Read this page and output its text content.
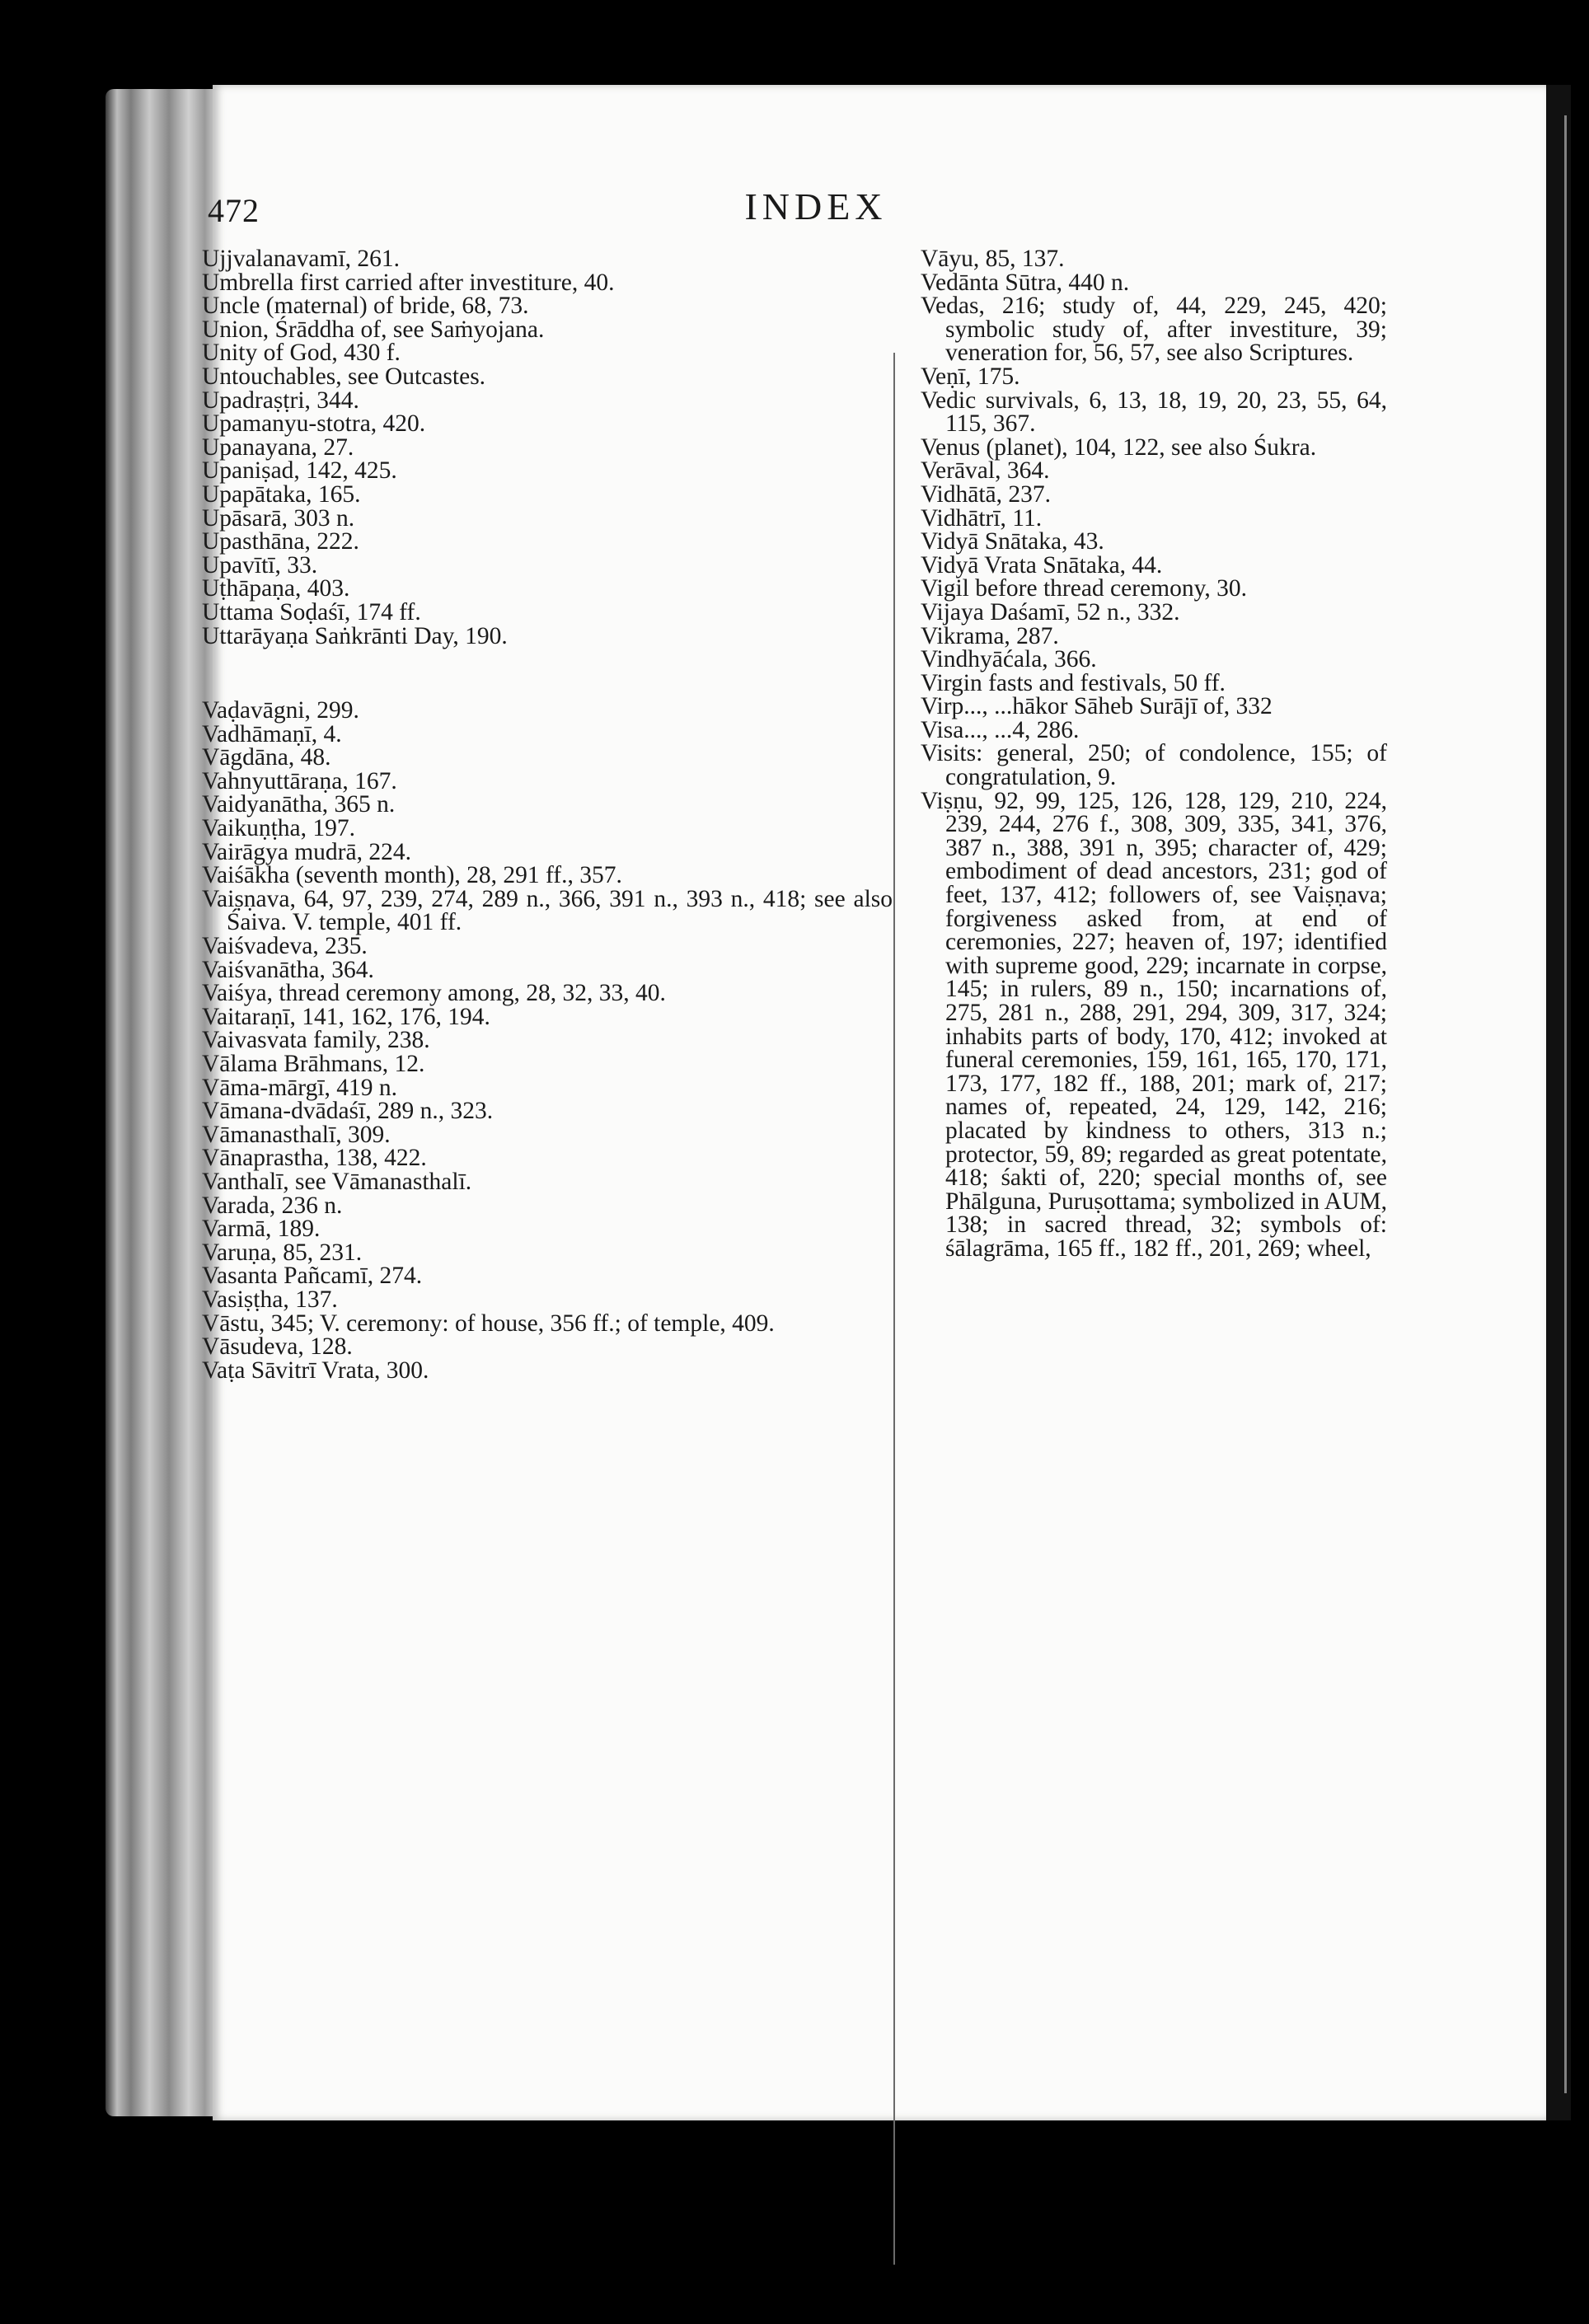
472	INDEX

Ujjvalanavamī, 261.

Umbrella first carried after investiture, 40.

Uncle (maternal) of bride, 68, 73.

Union, Śrāddha of, see Saṁyojana.

Unity of God, 430 f.

Untouchables, see Outcastes.

Upadraṣṭri, 344.

Upamanyu-stotra, 420.

Upanayana, 27.

Upaniṣad, 142, 425.

Upapātaka, 165.

Upāsarā, 303 n.

Upasthāna, 222.

Upavītī, 33.

Uṭhāpaṇa, 403.

Uttama Soḍaśī, 174 ff.

Uttarāyaṇa Saṅkrānti Day, 190.

Vaḍavāgni, 299.

Vadhāmaṇī, 4.

Vāgdāna, 48.

Vahnyuttāraṇa, 167.

Vaidyanātha, 365 n.

Vaikuṇṭha, 197.

Vairāgya mudrā, 224.

Vaiśākha (seventh month), 28, 291 ff., 357.

Vaiṣṇava, 64, 97, 239, 274, 289 n., 366, 391 n., 393 n., 418; see also Śaiva. V. temple, 401 ff.

Vaiśvadeva, 235.

Vaiśvanātha, 364.

Vaiśya, thread ceremony among, 28, 32, 33, 40.

Vaitaraṇī, 141, 162, 176, 194.

Vaivasvata family, 238.

Vālama Brāhmans, 12.

Vāma-mārgī, 419 n.

Vāmana-dvādaśī, 289 n., 323.

Vāmanasthalī, 309.

Vānaprastha, 138, 422.

Vanthalī, see Vāmanasthalī.

Varada, 236 n.

Varmā, 189.

Varuṇa, 85, 231.

Vasanta Pañcamī, 274.

Vasiṣṭha, 137.

Vāstu, 345; V. ceremony: of house, 356 ff.; of temple, 409.

Vāsudeva, 128.

Vaṭa Sāvitrī Vrata, 300.

Vāyu, 85, 137.

Vedānta Sūtra, 440 n.

Vedas, 216; study of, 44, 229, 245, 420; symbolic study of, after investiture, 39; veneration for, 56, 57, see also Scriptures.

Veṇī, 175.

Vedic survivals, 6, 13, 18, 19, 20, 23, 55, 64, 115, 367.

Venus (planet), 104, 122, see also Śukra.

Verāval, 364.

Vidhātā, 237.

Vidhātrī, 11.

Vidyā Snātaka, 43.

Vidyā Vrata Snātaka, 44.

Vigil before thread ceremony, 30.

Vijaya Daśamī, 52 n., 332.

Vikrama, 287.

Vindhyāćala, 366.

Virgin fasts and festivals, 50 ff.

Virp..., ...hākor Sāheb Surājī of, 332

Visa..., ...4, 286.

Visits: general, 250; of condolence, 155; of congratulation, 9.

Viṣṇu, 92, 99, 125, 126, 128, 129, 210, 224, 239, 244, 276 f., 308, 309, 335, 341, 376, 387 n., 388, 391 n, 395; character of, 429; embodiment of dead ancestors, 231; god of feet, 137, 412; followers of, see Vaiṣṇava; forgiveness asked from, at end of ceremonies, 227; heaven of, 197; identified with supreme good, 229; incarnate in corpse, 145; in rulers, 89 n., 150; incarnations of, 275, 281 n., 288, 291, 294, 309, 317, 324; inhabits parts of body, 170, 412; invoked at funeral ceremonies, 159, 161, 165, 170, 171, 173, 177, 182 ff., 188, 201; mark of, 217; names of, repeated, 24, 129, 142, 216; placated by kindness to others, 313 n.; protector, 59, 89; regarded as great potentate, 418; śakti of, 220; special months of, see Phālguna, Puruṣottama; symbolized in AUM, 138; in sacred thread, 32; symbols of: śālagrāma, 165 ff., 182 ff., 201, 269; wheel,
